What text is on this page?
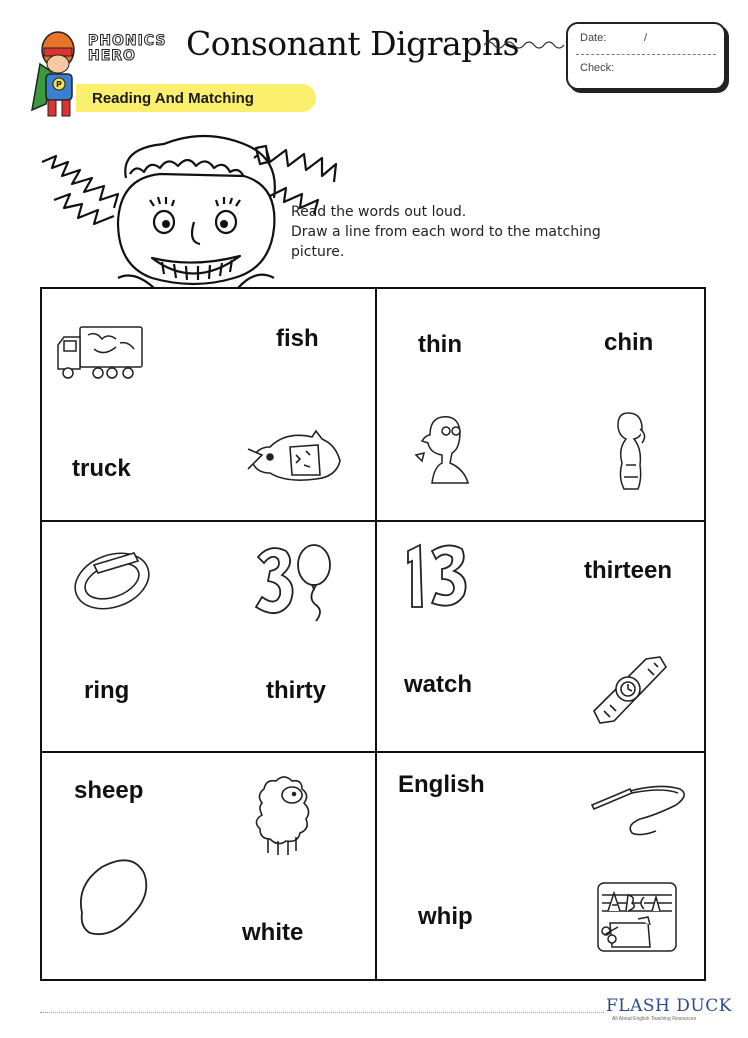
P
PHONICS
HERO	Consonant Digraphs	Date:	/
Check:
Reading And Matching
Read the words out loud.
Draw a line from each word to the matching
picture.
fish
truck
thin	chin
ring	thirty
thirteen
watch
sheep
white
English
whip
FLASH DUCK
All About English Teaching Resources
